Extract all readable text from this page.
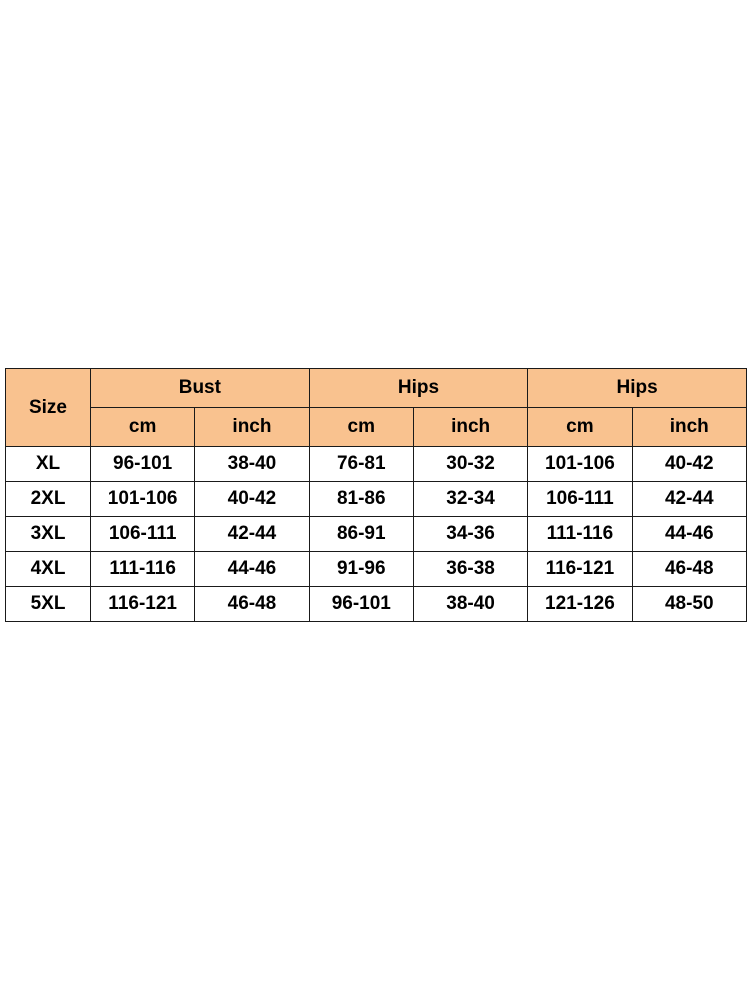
Size	Bust		Hips		Hips	
	cm	inch	cm	inch	cm	inch
XL	96-101	38-40	76-81	30-32	101-106	40-42
2XL	101-106	40-42	81-86	32-34	106-111	42-44
3XL	106-111	42-44	86-91	34-36	111-116	44-46
4XL	111-116	44-46	91-96	36-38	116-121	46-48
5XL	116-121	46-48	96-101	38-40	121-126	48-50
